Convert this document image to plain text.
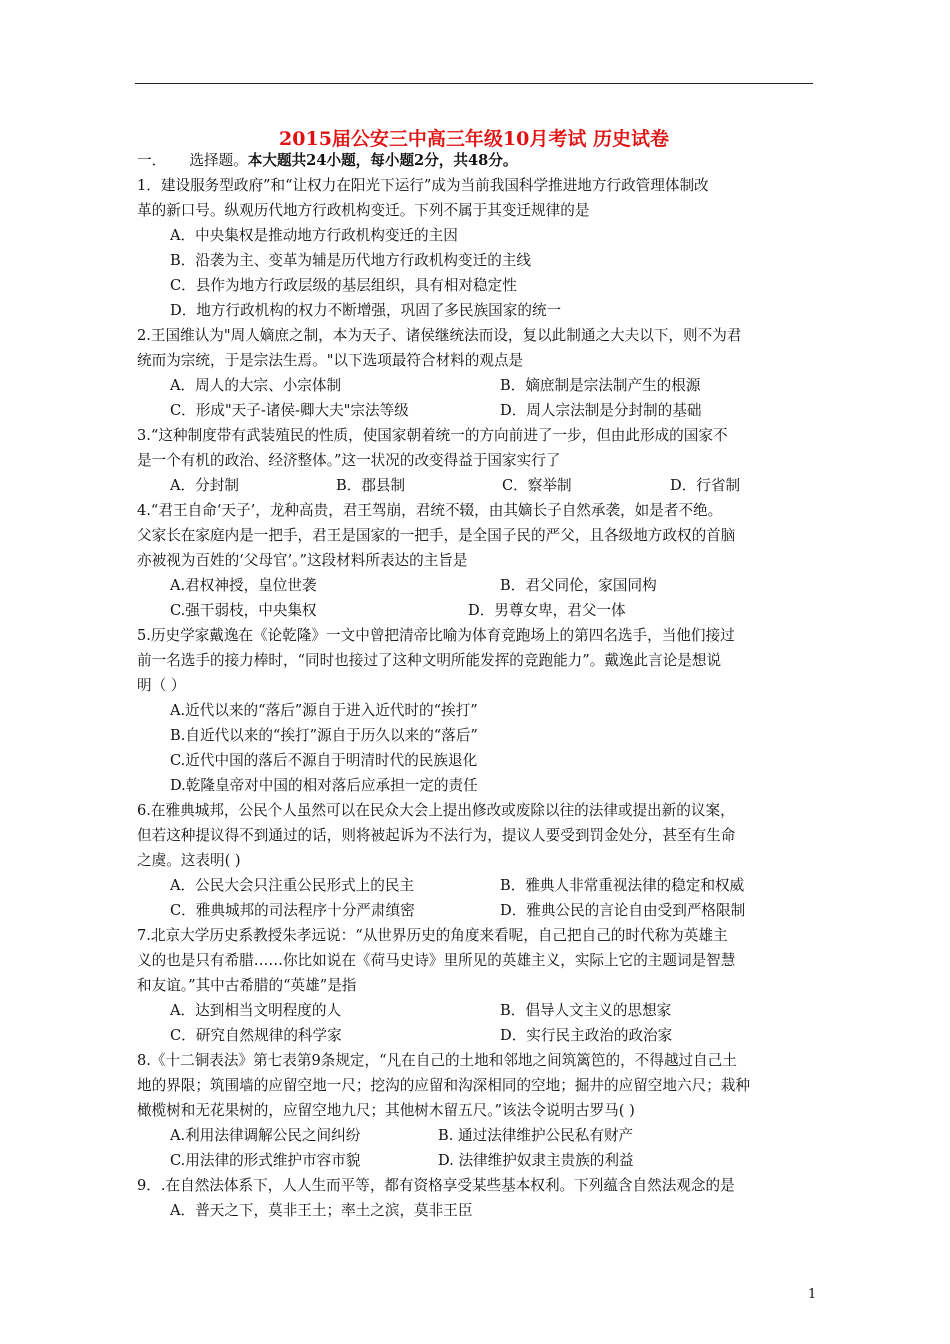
2015届公安三中高三年级10月考试 历史试卷
一． 选择题。本大题共24小题，每小题2分，共48分。
1．建设服务型政府”和“让权力在阳光下运行”成为当前我国科学推进地方行政管理体制改
革的新口号。纵观历代地方行政机构变迁。下列不属于其变迁规律的是
A．中央集权是推动地方行政机构变迁的主因
B．沿袭为主、变革为辅是历代地方行政机构变迁的主线
C．县作为地方行政层级的基层组织，具有相对稳定性
D．地方行政机构的权力不断增强，巩固了多民族国家的统一
2.王国维认为"周人嫡庶之制，本为天子、诸侯继统法而设，复以此制通之大夫以下，则不为君
统而为宗统，于是宗法生焉。"以下选项最符合材料的观点是
A．周人的大宗、小宗体制	B．嫡庶制是宗法制产生的根源
C．形成"天子-诸侯-卿大夫"宗法等级	D．周人宗法制是分封制的基础
3.“这种制度带有武装殖民的性质，使国家朝着统一的方向前进了一步，但由此形成的国家不
是一个有机的政治、经济整体。”这一状况的改变得益于国家实行了
A．分封制	B．郡县制	C．察举制	D．行省制
4.“君王自命‘天子’，龙种高贵，君王驾崩，君统不辍，由其嫡长子自然承袭，如是者不绝。
父家长在家庭内是一把手，君王是国家的一把手，是全国子民的严父，且各级地方政权的首脑
亦被视为百姓的‘父母官’。”这段材料所表达的主旨是
A.君权神授，皇位世袭	B．君父同伦，家国同构
C.强干弱枝，中央集权	D．男尊女卑，君父一体
5.历史学家戴逸在《论乾隆》一文中曾把清帝比喻为体育竞跑场上的第四名选手，当他们接过
前一名选手的接力棒时，“同时也接过了这种文明所能发挥的竞跑能力”。戴逸此言论是想说
明（ ）
A.近代以来的“落后”源自于进入近代时的“挨打”
B.自近代以来的“挨打”源自于历久以来的“落后”
C.近代中国的落后不源自于明清时代的民族退化
D.乾隆皇帝对中国的相对落后应承担一定的责任
6.在雅典城邦，公民个人虽然可以在民众大会上提出修改或废除以往的法律或提出新的议案，
但若这种提议得不到通过的话，则将被起诉为不法行为，提议人要受到罚金处分，甚至有生命
之虞。这表明( )
A．公民大会只注重公民形式上的民主	B．雅典人非常重视法律的稳定和权威
C．雅典城邦的司法程序十分严肃缜密	D．雅典公民的言论自由受到严格限制
7.北京大学历史系教授朱孝远说：“从世界历史的角度来看呢，自己把自己的时代称为英雄主
义的也是只有希腊……你比如说在《荷马史诗》里所见的英雄主义，实际上它的主题词是智慧
和友谊。”其中古希腊的“英雄”是指
A．达到相当文明程度的人	B．倡导人文主义的思想家
C．研究自然规律的科学家	D．实行民主政治的政治家
8.《十二铜表法》第七表第9条规定，“凡在自己的土地和邻地之间筑篱笆的，不得越过自己土
地的界限；筑围墙的应留空地一尺；挖沟的应留和沟深相同的空地；掘井的应留空地六尺；栽种
橄榄树和无花果树的，应留空地九尺；其他树木留五尺。”该法令说明古罗马( )
A.利用法律调解公民之间纠纷	B. 通过法律维护公民私有财产
C.用法律的形式维护市容市貌	D. 法律维护奴隶主贵族的利益
9．.在自然法体系下，人人生而平等，都有资格享受某些基本权利。下列蕴含自然法观念的是
A．普天之下，莫非王土；率土之滨，莫非王臣
1
